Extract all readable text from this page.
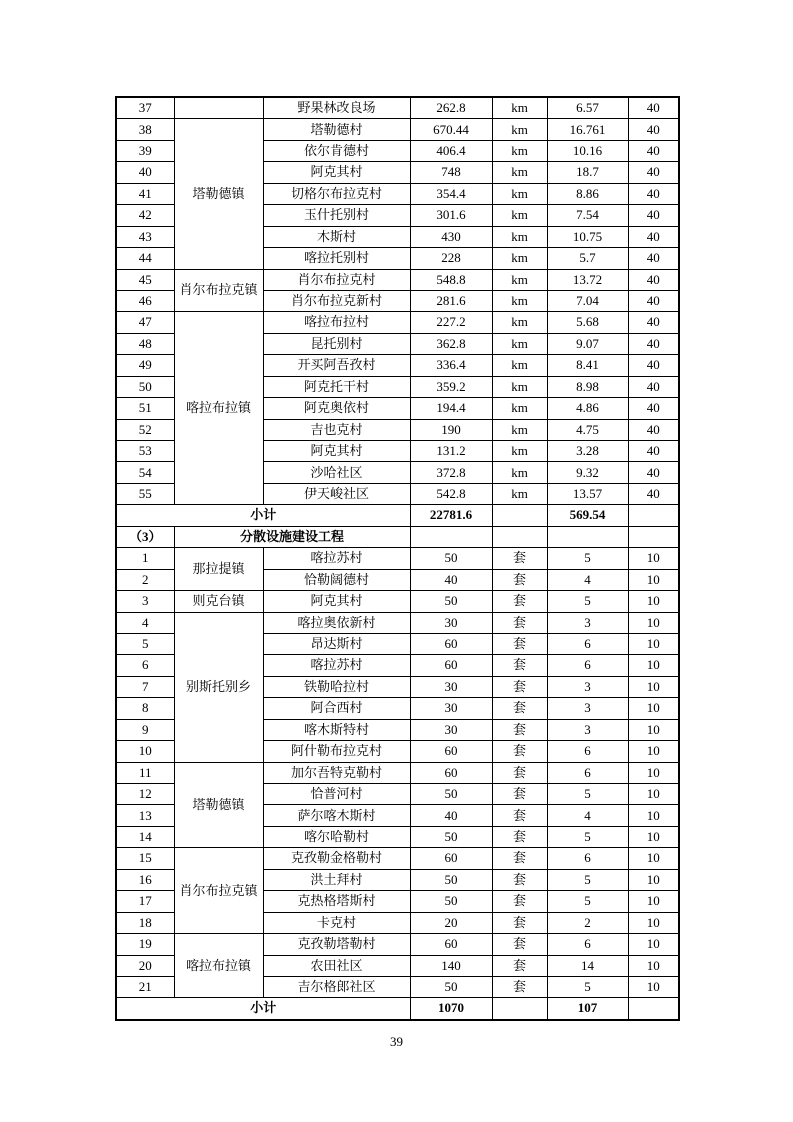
37		野果林改良场	262.8	km	6.57	40
38	塔勒德镇	塔勒德村	670.44	km	16.761	40
39		依尔肯德村	406.4	km	10.16	40
40		阿克其村	748	km	18.7	40
41		切格尔布拉克村	354.4	km	8.86	40
42		玉什托别村	301.6	km	7.54	40
43		木斯村	430	km	10.75	40
44		喀拉托别村	228	km	5.7	40
45	肖尔布拉克镇	肖尔布拉克村	548.8	km	13.72	40
46		肖尔布拉克新村	281.6	km	7.04	40
47	喀拉布拉镇	喀拉布拉村	227.2	km	5.68	40
48		昆托别村	362.8	km	9.07	40
49		开买阿吾孜村	336.4	km	8.41	40
50		阿克托干村	359.2	km	8.98	40
51		阿克奥依村	194.4	km	4.86	40
52		吉也克村	190	km	4.75	40
53		阿克其村	131.2	km	3.28	40
54		沙哈社区	372.8	km	9.32	40
55		伊天峻社区	542.8	km	13.57	40
小计			22781.6		569.54	
（3）	分散设施建设工程					
1	那拉提镇	喀拉苏村	50	套	5	10
2		恰勒阔德村	40	套	4	10
3	则克台镇	阿克其村	50	套	5	10
4	别斯托别乡	喀拉奥依新村	30	套	3	10
5		昂达斯村	60	套	6	10
6		喀拉苏村	60	套	6	10
7		铁勒哈拉村	30	套	3	10
8		阿合西村	30	套	3	10
9		喀木斯特村	30	套	3	10
10		阿什勒布拉克村	60	套	6	10
11	塔勒德镇	加尔吾特克勒村	60	套	6	10
12		恰普河村	50	套	5	10
13		萨尔喀木斯村	40	套	4	10
14		喀尔哈勒村	50	套	5	10
15	肖尔布拉克镇	克孜勒金格勒村	60	套	6	10
16		洪土拜村	50	套	5	10
17		克热格塔斯村	50	套	5	10
18		卡克村	20	套	2	10
19	喀拉布拉镇	克孜勒塔勒村	60	套	6	10
20		农田社区	140	套	14	10
21		吉尔格郎社区	50	套	5	10
小计			1070		107	
39
